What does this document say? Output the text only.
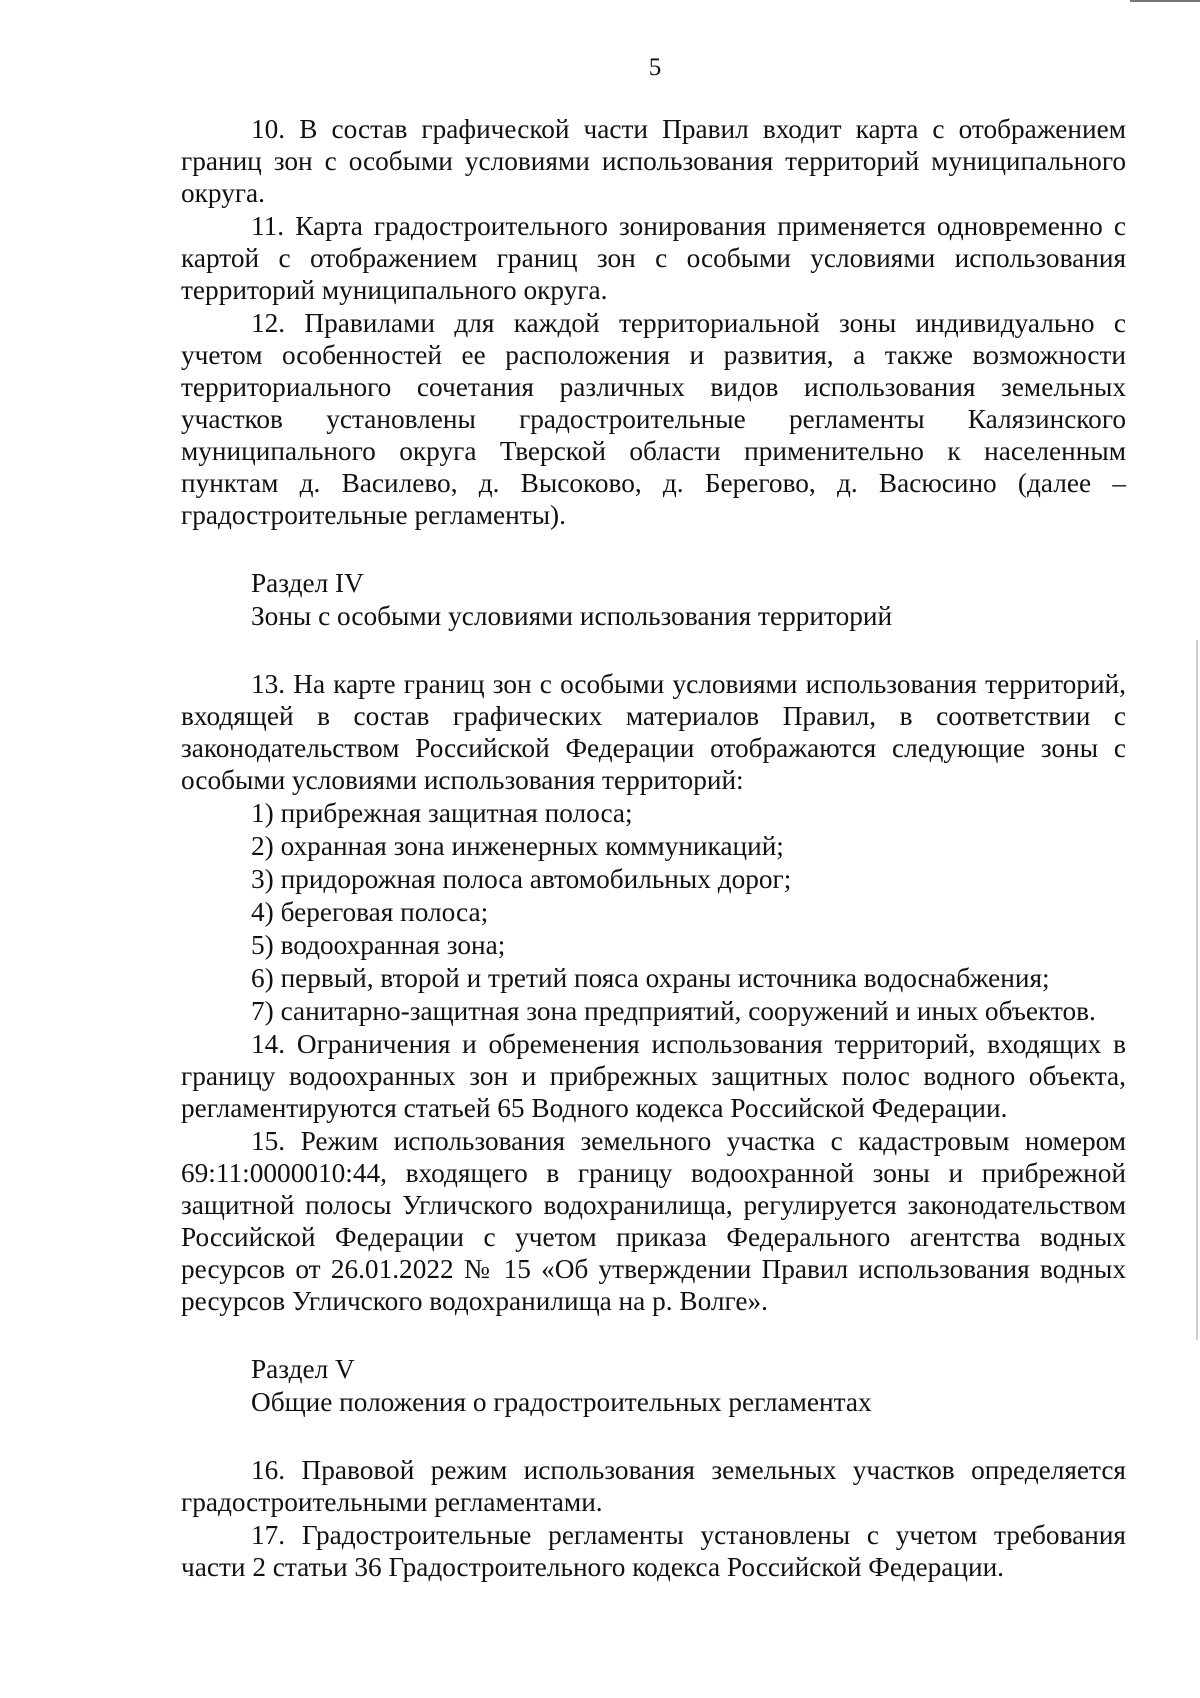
5

10. В состав графической части Правил входит карта с отображением границ зон с особыми условиями использования территорий муниципального округа.

11. Карта градостроительного зонирования применяется одновременно с картой с отображением границ зон с особыми условиями использования территорий муниципального округа.

12. Правилами для каждой территориальной зоны индивидуально с учетом особенностей ее расположения и развития, а также возможности территориального сочетания различных видов использования земельных участков установлены градостроительные регламенты Калязинского муниципального округа Тверской области применительно к населенным пунктам д. Василево, д. Высоково, д. Берегово, д. Васюсино (далее – градостроительные регламенты).

Раздел IV

Зоны с особыми условиями использования территорий

13. На карте границ зон с особыми условиями использования территорий, входящей в состав графических материалов Правил, в соответствии с законодательством Российской Федерации отображаются следующие зоны с особыми условиями использования территорий:

1) прибрежная защитная полоса;

2) охранная зона инженерных коммуникаций;

3) придорожная полоса автомобильных дорог;

4) береговая полоса;

5) водоохранная зона;

6) первый, второй и третий пояса охраны источника водоснабжения;

7) санитарно-защитная зона предприятий, сооружений и иных объектов.

14. Ограничения и обременения использования территорий, входящих в границу водоохранных зон и прибрежных защитных полос водного объекта, регламентируются статьей 65 Водного кодекса Российской Федерации.

15. Режим использования земельного участка с кадастровым номером 69:11:0000010:44, входящего в границу водоохранной зоны и прибрежной защитной полосы Угличского водохранилища, регулируется законодательством Российской Федерации с учетом приказа Федерального агентства водных ресурсов от 26.01.2022 № 15 «Об утверждении Правил использования водных ресурсов Угличского водохранилища на р. Волге».

Раздел V

Общие положения о градостроительных регламентах

16. Правовой режим использования земельных участков определяется градостроительными регламентами.

17. Градостроительные регламенты установлены с учетом требования части 2 статьи 36 Градостроительного кодекса Российской Федерации.
